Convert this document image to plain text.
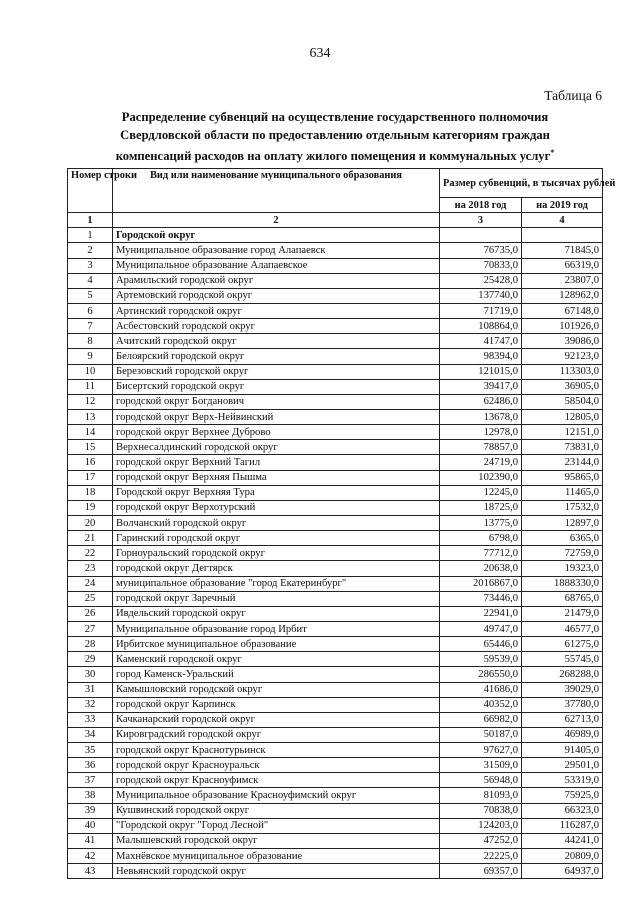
634
Таблица 6
Распределение субвенций на осуществление государственного полномочия
Свердловской области по предоставлению отдельным категориям граждан
компенсаций расходов на оплату жилого помещения и коммунальных услуг*
Номер строки	Вид или наименование муниципального образования	Размер субвенций, в тысячах рублей	
		на 2018 год	на 2019 год
1	2	3	4
1	Городской округ		
2	Муниципальное образование город Алапаевск	76735,0	71845,0
3	Муниципальное образование Алапаевское	70833,0	66319,0
4	Арамильский городской округ	25428,0	23807,0
5	Артемовский городской округ	137740,0	128962,0
6	Артинский городской округ	71719,0	67148,0
7	Асбестовский городской округ	108864,0	101926,0
8	Ачитский городской округ	41747,0	39086,0
9	Белоярский городской округ	98394,0	92123,0
10	Березовский городской округ	121015,0	113303,0
11	Бисертский городской округ	39417,0	36905,0
12	городской округ Богданович	62486,0	58504,0
13	городской округ Верх-Нейвинский	13678,0	12805,0
14	городской округ Верхнее Дуброво	12978,0	12151,0
15	Верхнесалдинский городской округ	78857,0	73831,0
16	городской округ Верхний Тагил	24719,0	23144,0
17	городской округ Верхняя Пышма	102390,0	95865,0
18	Городской округ Верхняя Тура	12245,0	11465,0
19	городской округ Верхотурский	18725,0	17532,0
20	Волчанский городской округ	13775,0	12897,0
21	Гаринский городской округ	6798,0	6365,0
22	Горноуральский городской округ	77712,0	72759,0
23	городской округ Дегтярск	20638,0	19323,0
24	муниципальное образование "город Екатеринбург"	2016867,0	1888330,0
25	городской округ Заречный	73446,0	68765,0
26	Ивдельский городской округ	22941,0	21479,0
27	Муниципальное образование город Ирбит	49747,0	46577,0
28	Ирбитское муниципальное образование	65446,0	61275,0
29	Каменский городской округ	59539,0	55745,0
30	город Каменск-Уральский	286550,0	268288,0
31	Камышловский городской округ	41686,0	39029,0
32	городской округ Карпинск	40352,0	37780,0
33	Качканарский городской округ	66982,0	62713,0
34	Кировградский городской округ	50187,0	46989,0
35	городской округ Краснотурьинск	97627,0	91405,0
36	городской округ Красноуральск	31509,0	29501,0
37	городской округ Красноуфимск	56948,0	53319,0
38	Муниципальное образование Красноуфимский округ	81093,0	75925,0
39	Кушвинский городской округ	70838,0	66323,0
40	"Городской округ "Город Лесной"	124203,0	116287,0
41	Малышевский городской округ	47252,0	44241,0
42	Махнёвское муниципальное образование	22225,0	20809,0
43	Невьянский городской округ	69357,0	64937,0
